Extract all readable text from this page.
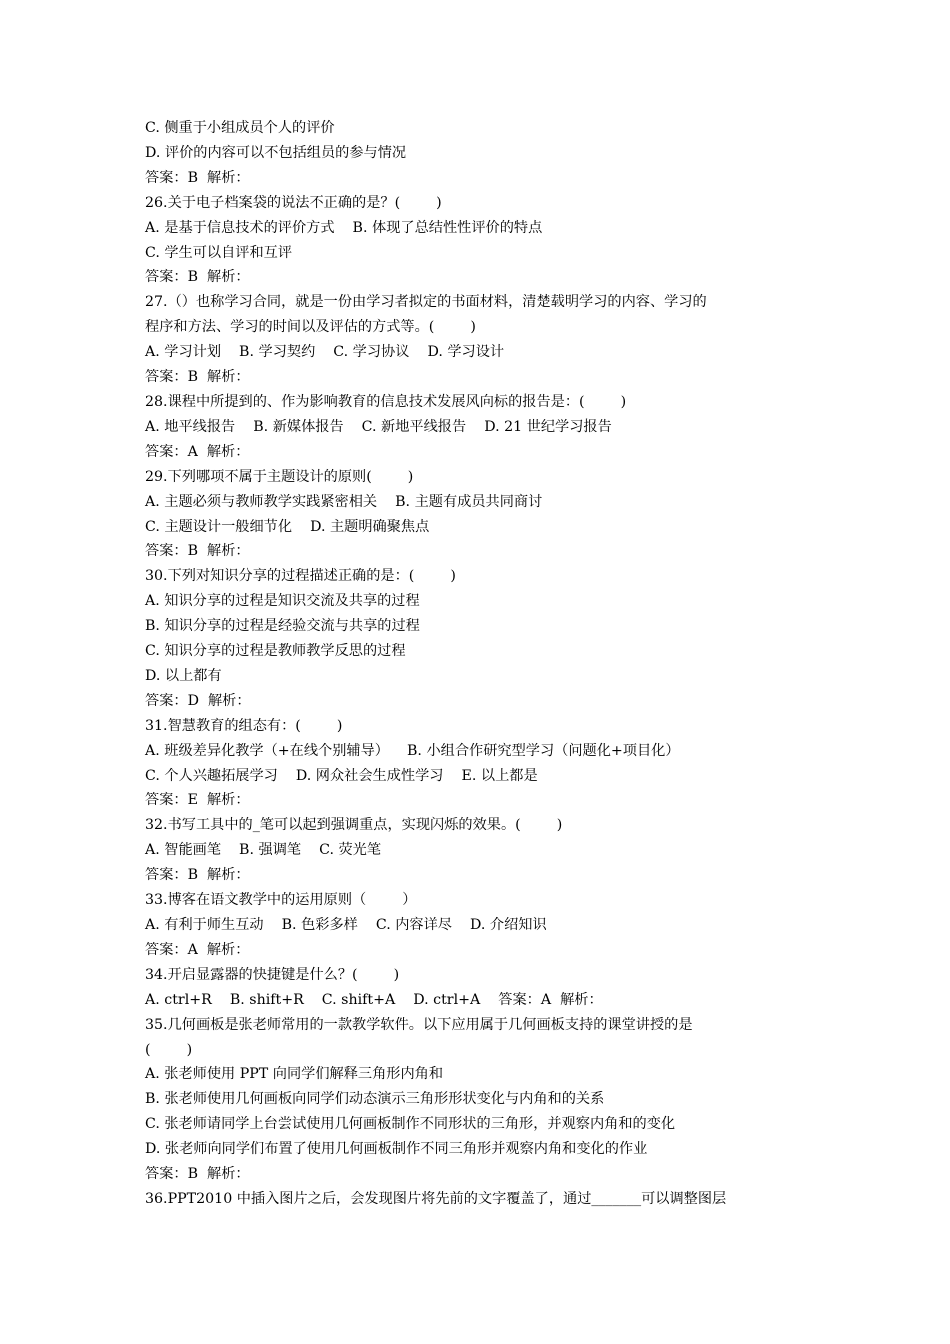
C. 侧重于小组成员个人的评价
D. 评价的内容可以不包括组员的参与情况
答案：B  解析：
26.关于电子档案袋的说法不正确的是？(        )
A. 是基于信息技术的评价方式    B. 体现了总结性性评价的特点
C. 学生可以自评和互评
答案：B  解析：
27.（）也称学习合同，就是一份由学习者拟定的书面材料，清楚载明学习的内容、学习的
程序和方法、学习的时间以及评估的方式等。(        )
A. 学习计划    B. 学习契约    C. 学习协议    D. 学习设计
答案：B  解析：
28.课程中所提到的、作为影响教育的信息技术发展风向标的报告是：(        )
A. 地平线报告    B. 新媒体报告    C. 新地平线报告    D. 21 世纪学习报告
答案：A  解析：
29.下列哪项不属于主题设计的原则(        )
A. 主题必须与教师教学实践紧密相关    B. 主题有成员共同商讨
C. 主题设计一般细节化    D. 主题明确聚焦点
答案：B  解析：
30.下列对知识分享的过程描述正确的是：(        )
A. 知识分享的过程是知识交流及共享的过程
B. 知识分享的过程是经验交流与共享的过程
C. 知识分享的过程是教师教学反思的过程
D. 以上都有
答案：D  解析：
31.智慧教育的组态有：(        )
A. 班级差异化教学（+在线个别辅导）    B. 小组合作研究型学习（问题化+项目化）
C. 个人兴趣拓展学习    D. 网众社会生成性学习    E. 以上都是
答案：E  解析：
32.书写工具中的_笔可以起到强调重点，实现闪烁的效果。(        )
A. 智能画笔    B. 强调笔    C. 荧光笔
答案：B  解析：
33.博客在语文教学中的运用原则（        ）
A. 有利于师生互动    B. 色彩多样    C. 内容详尽    D. 介绍知识
答案：A  解析：
34.开启显露器的快捷键是什么？(        )
A. ctrl+R    B. shift+R    C. shift+A    D. ctrl+A    答案：A  解析：
35.几何画板是张老师常用的一款教学软件。以下应用属于几何画板支持的课堂讲授的是
(        )
A. 张老师使用 PPT 向同学们解释三角形内角和
B. 张老师使用几何画板向同学们动态演示三角形形状变化与内角和的关系
C. 张老师请同学上台尝试使用几何画板制作不同形状的三角形，并观察内角和的变化
D. 张老师向同学们布置了使用几何画板制作不同三角形并观察内角和变化的作业
答案：B  解析：
36.PPT2010 中插入图片之后，会发现图片将先前的文字覆盖了，通过_______可以调整图层
